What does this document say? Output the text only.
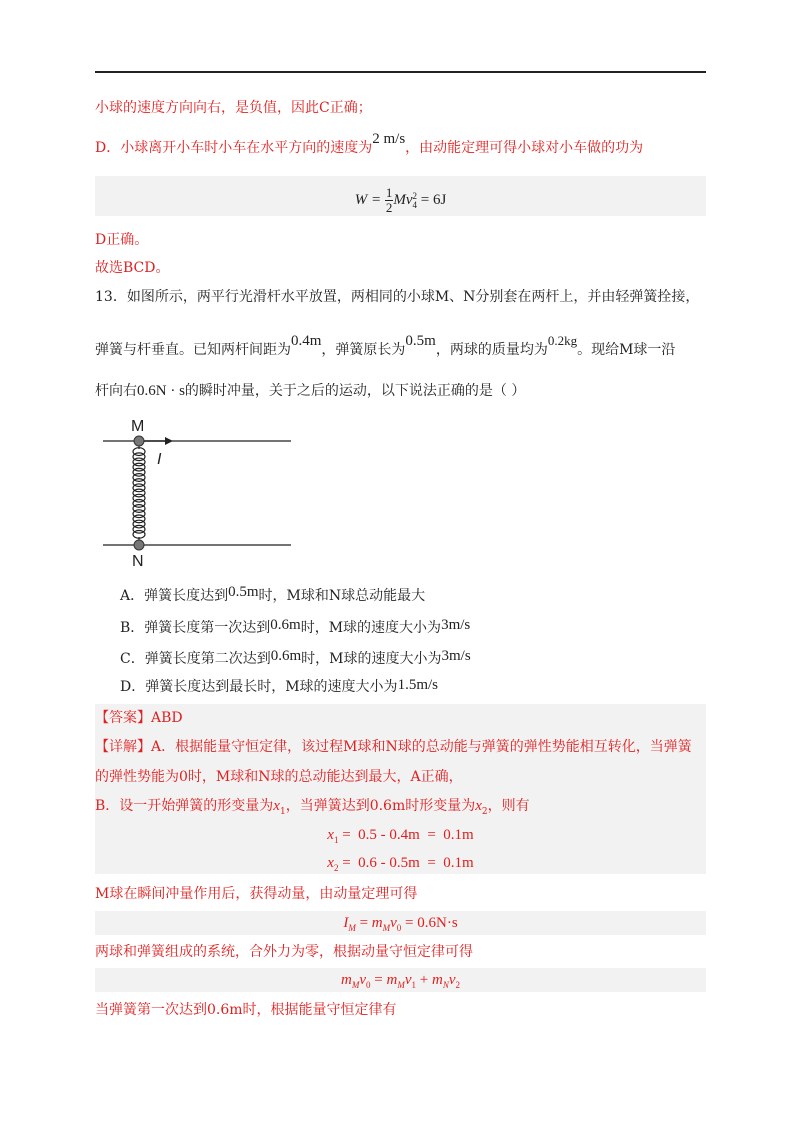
小球的速度方向向右，是负值，因此C正确；
D．小球离开小车时小车在水平方向的速度为2 m/s，由动能定理可得小球对小车做的功为
$W = \frac{1}{2}$ Mv 2
4 = 6J
D正确。
故选BCD。
13．如图所示，两平行光滑杆水平放置，两相同的小球M、N分别套在两杆上，并由轻弹簧拴接，
弹簧与杆垂直。已知两杆间距为0.4m，弹簧原长为0.5m，两球的质量均为0.2kg。现给M球一沿
杆向右0.6N · s的瞬时冲量，关于之后的运动，以下说法正确的是（ ）
M
N
I
A．弹簧长度达到0.5m时，M球和N球总动能最大
B．弹簧长度第一次达到0.6m时，M球的速度大小为3m/s
C．弹簧长度第二次达到0.6m时，M球的速度大小为3m/s
D．弹簧长度达到最长时，M球的速度大小为1.5m/s
【答案】ABD
【详解】A．根据能量守恒定律，该过程M球和N球的总动能与弹簧的弹性势能相互转化，当弹簧
的弹性势能为0时，M球和N球的总动能达到最大，A正确，
B．设一开始弹簧的形变量为$x_1$，当弹簧达到0.6m时形变量为$x_2$，则有
$x_1 = 0.5 - 0.4m = 0.1m$
$x_2 = 0.6 - 0.5m = 0.1m$
M球在瞬间冲量作用后，获得动量，由动量定理可得
$I_M = m_Mv_0 = 0.6N\cdot s$
两球和弹簧组成的系统，合外力为零，根据动量守恒定律可得
$m_Mv_0 = m_Mv_1 + m_Nv_2$
当弹簧第一次达到0.6m时，根据能量守恒定律有
